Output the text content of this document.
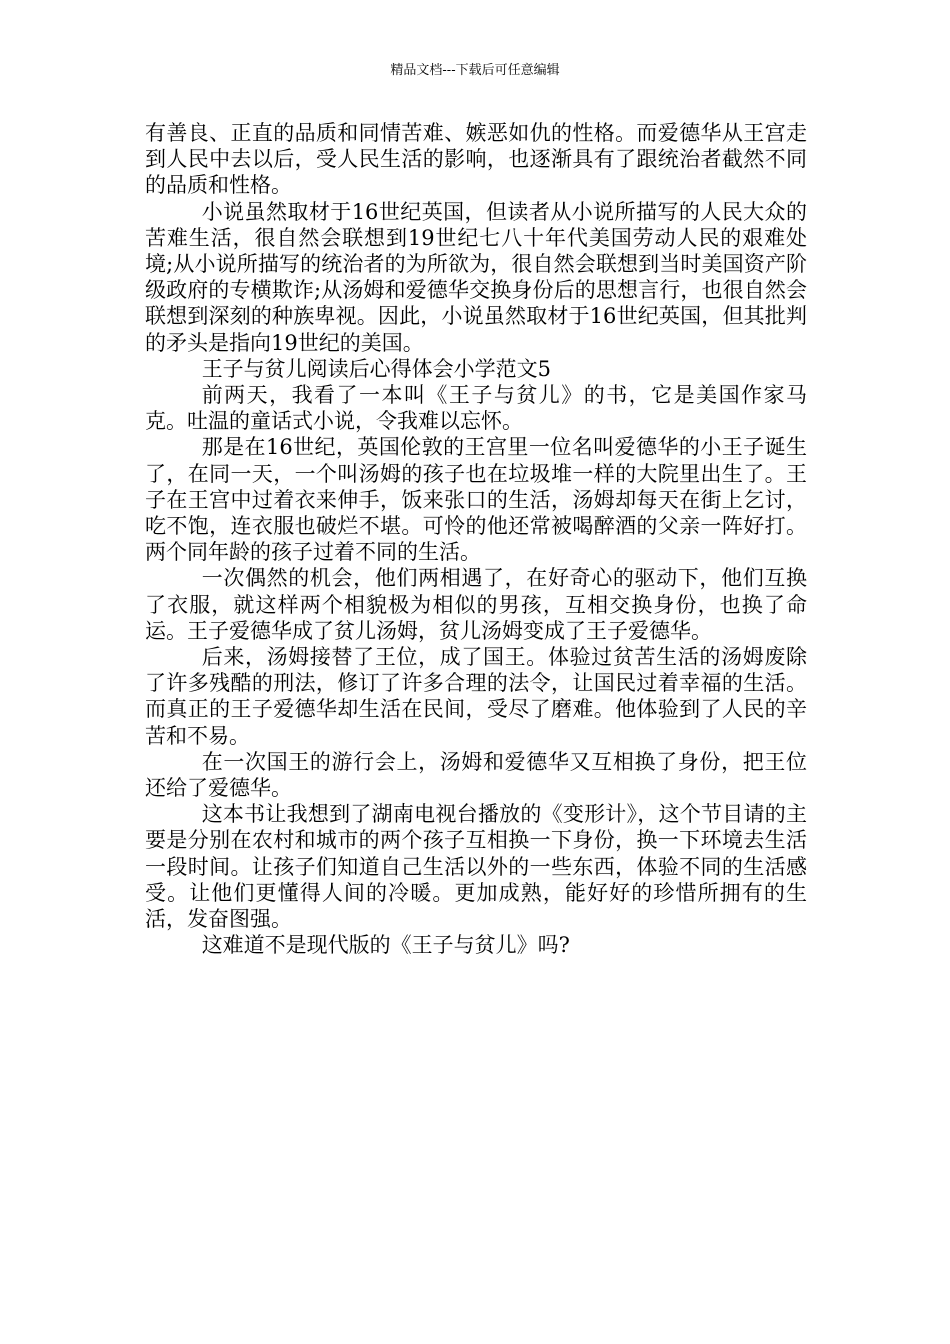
精品文档---下载后可任意编辑

有善良、正直的品质和同情苦难、嫉恶如仇的性格。而爱德华从王宫走到人民中去以后，受人民生活的影响，也逐渐具有了跟统治者截然不同的品质和性格。

小说虽然取材于16世纪英国，但读者从小说所描写的人民大众的苦难生活，很自然会联想到19世纪七八十年代美国劳动人民的艰难处境;从小说所描写的统治者的为所欲为，很自然会联想到当时美国资产阶级政府的专横欺诈;从汤姆和爱德华交换身份后的思想言行，也很自然会联想到深刻的种族卑视。因此，小说虽然取材于16世纪英国，但其批判的矛头是指向19世纪的美国。

王子与贫儿阅读后心得体会小学范文5

前两天，我看了一本叫《王子与贫儿》的书，它是美国作家马克。吐温的童话式小说，令我难以忘怀。

那是在16世纪，英国伦敦的王宫里一位名叫爱德华的小王子诞生了，在同一天，一个叫汤姆的孩子也在垃圾堆一样的大院里出生了。王子在王宫中过着衣来伸手，饭来张口的生活，汤姆却每天在街上乞讨，吃不饱，连衣服也破烂不堪。可怜的他还常被喝醉酒的父亲一阵好打。两个同年龄的孩子过着不同的生活。

一次偶然的机会，他们两相遇了，在好奇心的驱动下，他们互换了衣服，就这样两个相貌极为相似的男孩，互相交换身份，也换了命运。王子爱德华成了贫儿汤姆，贫儿汤姆变成了王子爱德华。

后来，汤姆接替了王位，成了国王。体验过贫苦生活的汤姆废除了许多残酷的刑法，修订了许多合理的法令，让国民过着幸福的生活。而真正的王子爱德华却生活在民间，受尽了磨难。他体验到了人民的辛苦和不易。

在一次国王的游行会上，汤姆和爱德华又互相换了身份，把王位还给了爱德华。

这本书让我想到了湖南电视台播放的《变形计》，这个节目请的主要是分别在农村和城市的两个孩子互相换一下身份，换一下环境去生活一段时间。让孩子们知道自己生活以外的一些东西，体验不同的生活感受。让他们更懂得人间的冷暖。更加成熟，能好好的珍惜所拥有的生活，发奋图强。

这难道不是现代版的《王子与贫儿》吗?
